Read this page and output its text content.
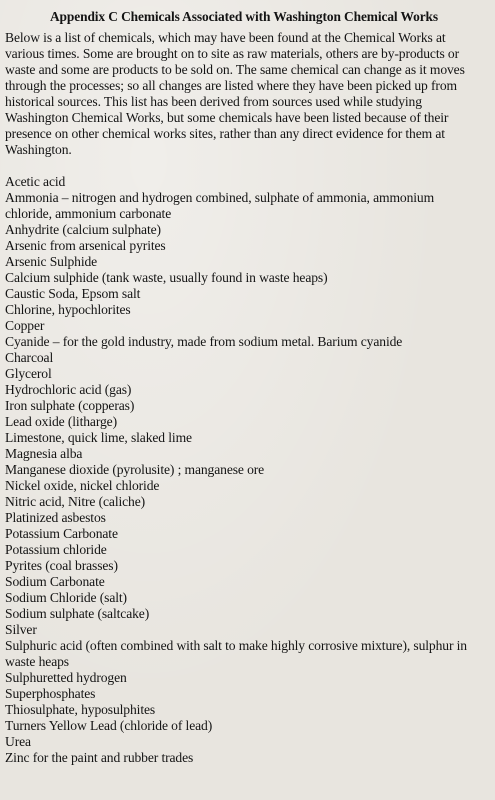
Appendix C Chemicals Associated with Washington Chemical Works

Below is a list of chemicals, which may have been found at the Chemical Works at various times. Some are brought on to site as raw materials, others are by-products or waste and some are products to be sold on. The same chemical can change as it moves through the processes; so all changes are listed where they have been picked up from historical sources. This list has been derived from sources used while studying Washington Chemical Works, but some chemicals have been listed because of their presence on other chemical works sites, rather than any direct evidence for them at Washington.

Acetic acid
Ammonia – nitrogen and hydrogen combined, sulphate of ammonia, ammonium chloride, ammonium carbonate
Anhydrite (calcium sulphate)
Arsenic from arsenical pyrites
Arsenic Sulphide
Calcium sulphide (tank waste, usually found in waste heaps)
Caustic Soda, Epsom salt
Chlorine, hypochlorites
Copper
Cyanide – for the gold industry, made from sodium metal. Barium cyanide
Charcoal
Glycerol
Hydrochloric acid (gas)
Iron sulphate (copperas)
Lead oxide (litharge)
Limestone, quick lime, slaked lime
Magnesia alba
Manganese dioxide (pyrolusite) ; manganese ore
Nickel oxide, nickel chloride
Nitric acid, Nitre (caliche)
Platinized asbestos
Potassium Carbonate
Potassium chloride
Pyrites (coal brasses)
Sodium Carbonate
Sodium Chloride (salt)
Sodium sulphate (saltcake)
Silver
Sulphuric acid (often combined with salt to make highly corrosive mixture), sulphur in waste heaps
Sulphuretted hydrogen
Superphosphates
Thiosulphate, hyposulphites
Turners Yellow Lead (chloride of lead)
Urea
Zinc for the paint and rubber trades
